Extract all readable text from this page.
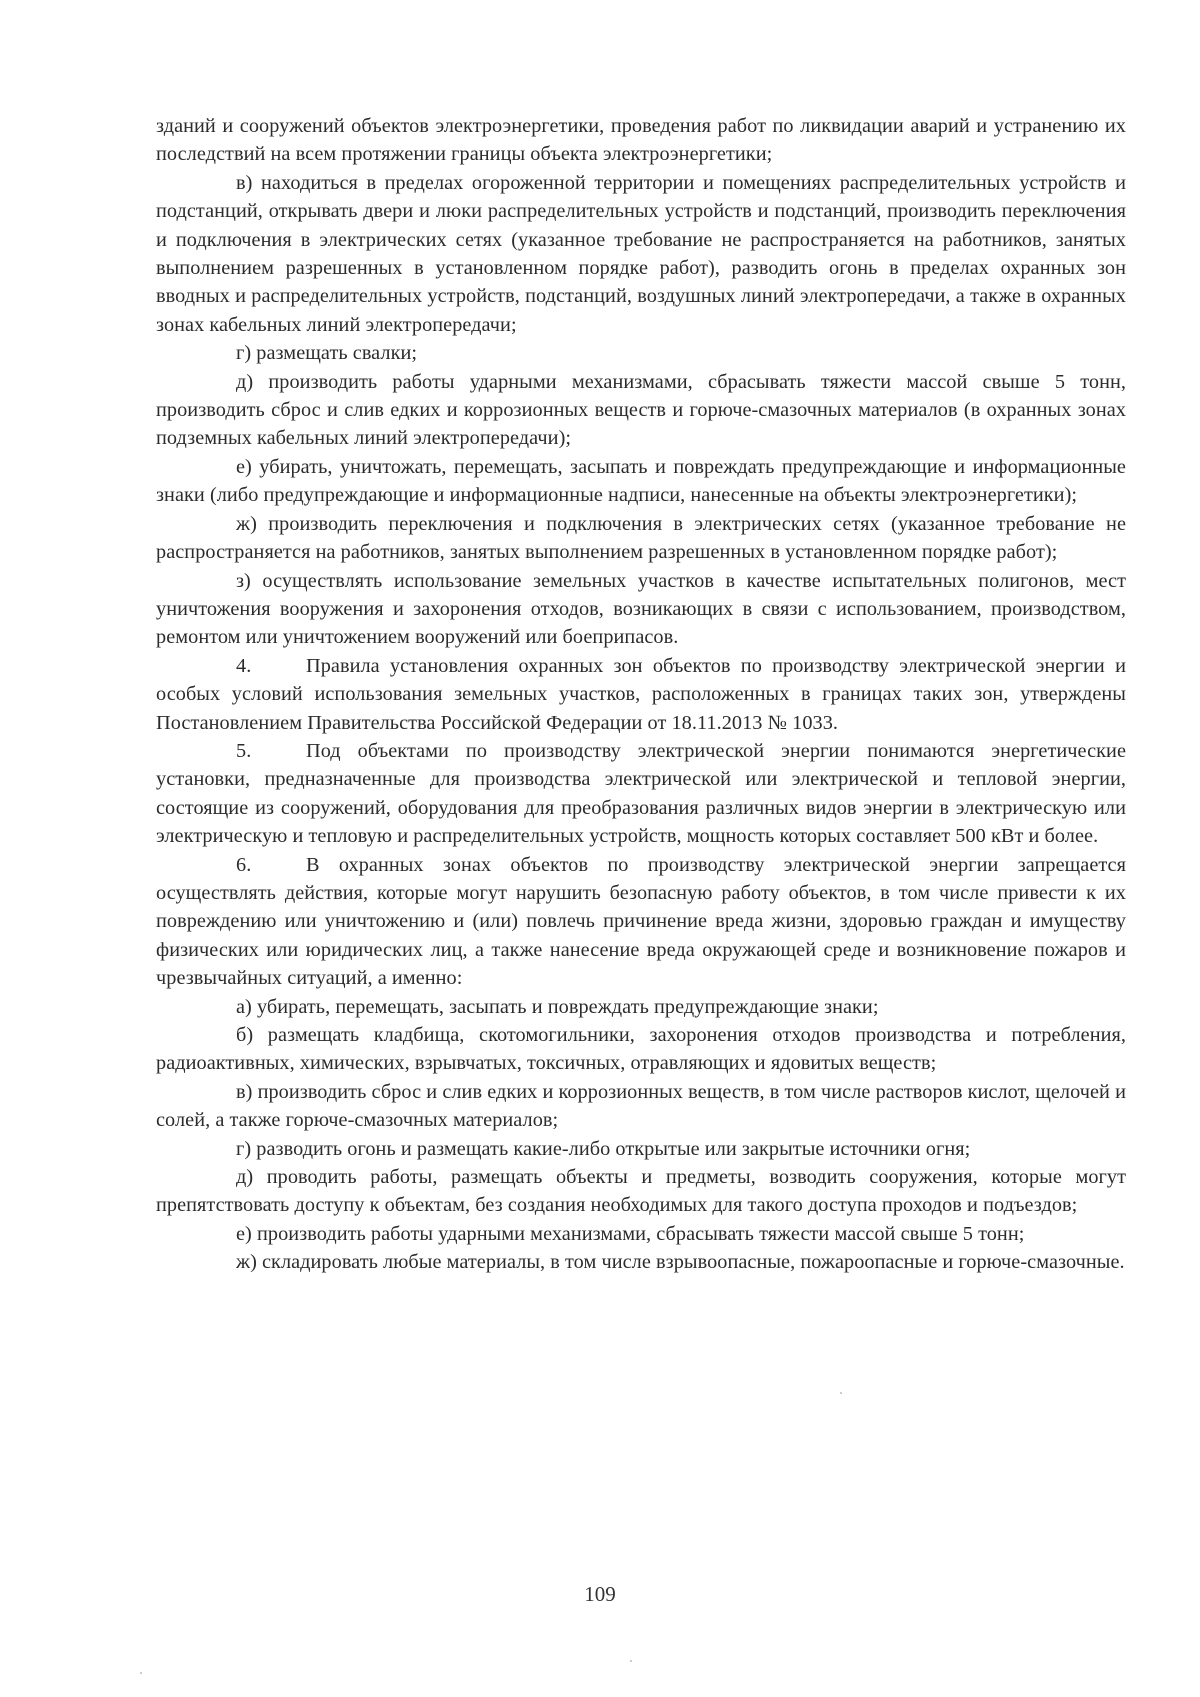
зданий и сооружений объектов электроэнергетики, проведения работ по ликвидации аварий и устранению их последствий на всем протяжении границы объекта электроэнергетики;

в) находиться в пределах огороженной территории и помещениях распределительных устройств и подстанций, открывать двери и люки распределительных устройств и подстанций, производить переключения и подключения в электрических сетях (указанное требование не распространяется на работников, занятых выполнением разрешенных в установленном порядке работ), разводить огонь в пределах охранных зон вводных и распределительных устройств, подстанций, воздушных линий электропередачи, а также в охранных зонах кабельных линий электропередачи;

г) размещать свалки;

д) производить работы ударными механизмами, сбрасывать тяжести массой свыше 5 тонн, производить сброс и слив едких и коррозионных веществ и горюче-смазочных материалов (в охранных зонах подземных кабельных линий электропередачи);

е) убирать, уничтожать, перемещать, засыпать и повреждать предупреждающие и информационные знаки (либо предупреждающие и информационные надписи, нанесенные на объекты электроэнергетики);

ж) производить переключения и подключения в электрических сетях (указанное требование не распространяется на работников, занятых выполнением разрешенных в установленном порядке работ);

з) осуществлять использование земельных участков в качестве испытательных полигонов, мест уничтожения вооружения и захоронения отходов, возникающих в связи с использованием, производством, ремонтом или уничтожением вооружений или боеприпасов.

4.	Правила установления охранных зон объектов по производству электрической энергии и особых условий использования земельных участков, расположенных в границах таких зон, утверждены Постановлением Правительства Российской Федерации от 18.11.2013 № 1033.

5.	Под объектами по производству электрической энергии понимаются энергетические установки, предназначенные для производства электрической или электрической и тепловой энергии, состоящие из сооружений, оборудования для преобразования различных видов энергии в электрическую или электрическую и тепловую и распределительных устройств, мощность которых составляет 500 кВт и более.

6.	В охранных зонах объектов по производству электрической энергии запрещается осуществлять действия, которые могут нарушить безопасную работу объектов, в том числе привести к их повреждению или уничтожению и (или) повлечь причинение вреда жизни, здоровью граждан и имуществу физических или юридических лиц, а также нанесение вреда окружающей среде и возникновение пожаров и чрезвычайных ситуаций, а именно:

а) убирать, перемещать, засыпать и повреждать предупреждающие знаки;

б) размещать кладбища, скотомогильники, захоронения отходов производства и потребления, радиоактивных, химических, взрывчатых, токсичных, отравляющих и ядовитых веществ;

в) производить сброс и слив едких и коррозионных веществ, в том числе растворов кислот, щелочей и солей, а также горюче-смазочных материалов;

г) разводить огонь и размещать какие-либо открытые или закрытые источники огня;

д) проводить работы, размещать объекты и предметы, возводить сооружения, которые могут препятствовать доступу к объектам, без создания необходимых для такого доступа проходов и подъездов;

е) производить работы ударными механизмами, сбрасывать тяжести массой свыше 5 тонн;

ж) складировать любые материалы, в том числе взрывоопасные, пожароопасные и горюче-смазочные.

109
